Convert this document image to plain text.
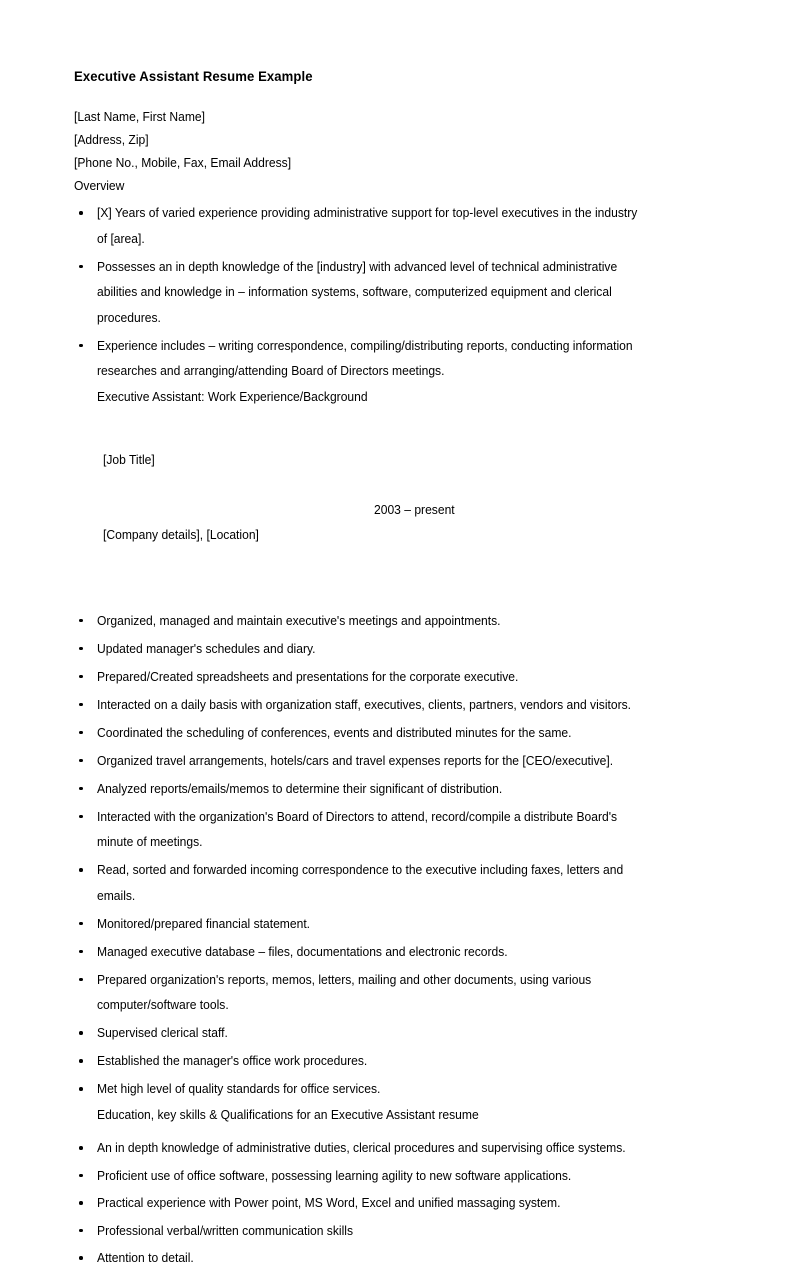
Executive Assistant Resume Example

[Last Name, First Name]

[Address, Zip]

[Phone No., Mobile, Fax, Email Address]

Overview

[X] Years of varied experience providing administrative support for top-level executives in the industry of [area].
Possesses an in depth knowledge of the [industry] with advanced level of technical administrative abilities and knowledge in – information systems, software, computerized equipment and clerical procedures.
Experience includes – writing correspondence, compiling/distributing reports, conducting information researches and arranging/attending Board of Directors meetings.
Executive Assistant: Work Experience/Background

[Job Title]

[Company details], [Location]

2003 – present

Organized, managed and maintain executive's meetings and appointments.
Updated manager's schedules and diary.
Prepared/Created spreadsheets and presentations for the corporate executive.
Interacted on a daily basis with organization staff, executives, clients, partners, vendors and visitors.
Coordinated the scheduling of conferences, events and distributed minutes for the same.
Organized travel arrangements, hotels/cars and travel expenses reports for the [CEO/executive].
Analyzed reports/emails/memos to determine their significant of distribution.
Interacted with the organization's Board of Directors to attend, record/compile a distribute Board's minute of meetings.
Read, sorted and forwarded incoming correspondence to the executive including faxes, letters and emails.
Monitored/prepared financial statement.
Managed executive database – files, documentations and electronic records.
Prepared organization's reports, memos, letters, mailing and other documents, using various computer/software tools.
Supervised clerical staff.
Established the manager's office work procedures.
Met high level of quality standards for office services.
Education, key skills & Qualifications for an Executive Assistant resume
An in depth knowledge of administrative duties, clerical procedures and supervising office systems.
Proficient use of office software, possessing learning agility to new software applications.
Practical experience with Power point, MS Word, Excel and unified massaging system.
Professional verbal/written communication skills
Attention to detail.
